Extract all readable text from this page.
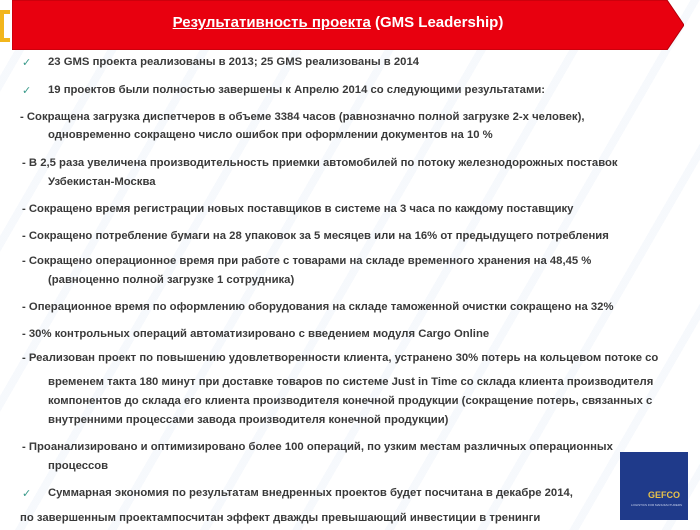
Результативность проекта (GMS Leadership)
✓ 23 GMS проекта реализованы в 2013; 25 GMS реализованы в 2014
✓ 19 проектов были полностью завершены к Апрелю 2014 со следующими результатами:
- Сокращена загрузка диспетчеров в объеме 3384 часов (равнозначно полной загрузке 2-х человек),
одновременно сокращено число ошибок при оформлении документов на 10 %
- В 2,5 раза увеличена производительность приемки автомобилей по потоку железнодорожных поставок
Узбекистан-Москва
- Сокращено время регистрации новых поставщиков в системе на 3 часа по каждому поставщику
- Сокращено потребление бумаги на 28 упаковок за 5 месяцев или на 16% от предыдущего потребления
- Сокращено операционное время при работе с товарами на складе временного хранения на 48,45 %
(равноценно полной загрузке 1 сотрудника)
- Операционное время по оформлению оборудования на складе таможенной очистки сокращено на 32%
- 30% контрольных операций автоматизировано с введением модуля Cargo Online
- Реализован проект по повышению удовлетворенности клиента, устранено 30% потерь на кольцевом потоке со
временем такта 180 минут при доставке товаров по системе Just in Time со склада клиента производителя
компонентов до склада его клиента производителя конечной продукции (сокращение потерь, связанных с
внутренними процессами завода производителя конечной продукции)
- Проанализировано и оптимизировано более 100 операций, по узким местам различных операционных
процессов
✓ Суммарная экономия по результатам внедренных проектов будет посчитана в декабре 2014,
по завершенным проектампосчитан эффект дважды превышающий инвестиции в тренинги
GEFCO
LOGISTICS FOR MANUFACTURERS
